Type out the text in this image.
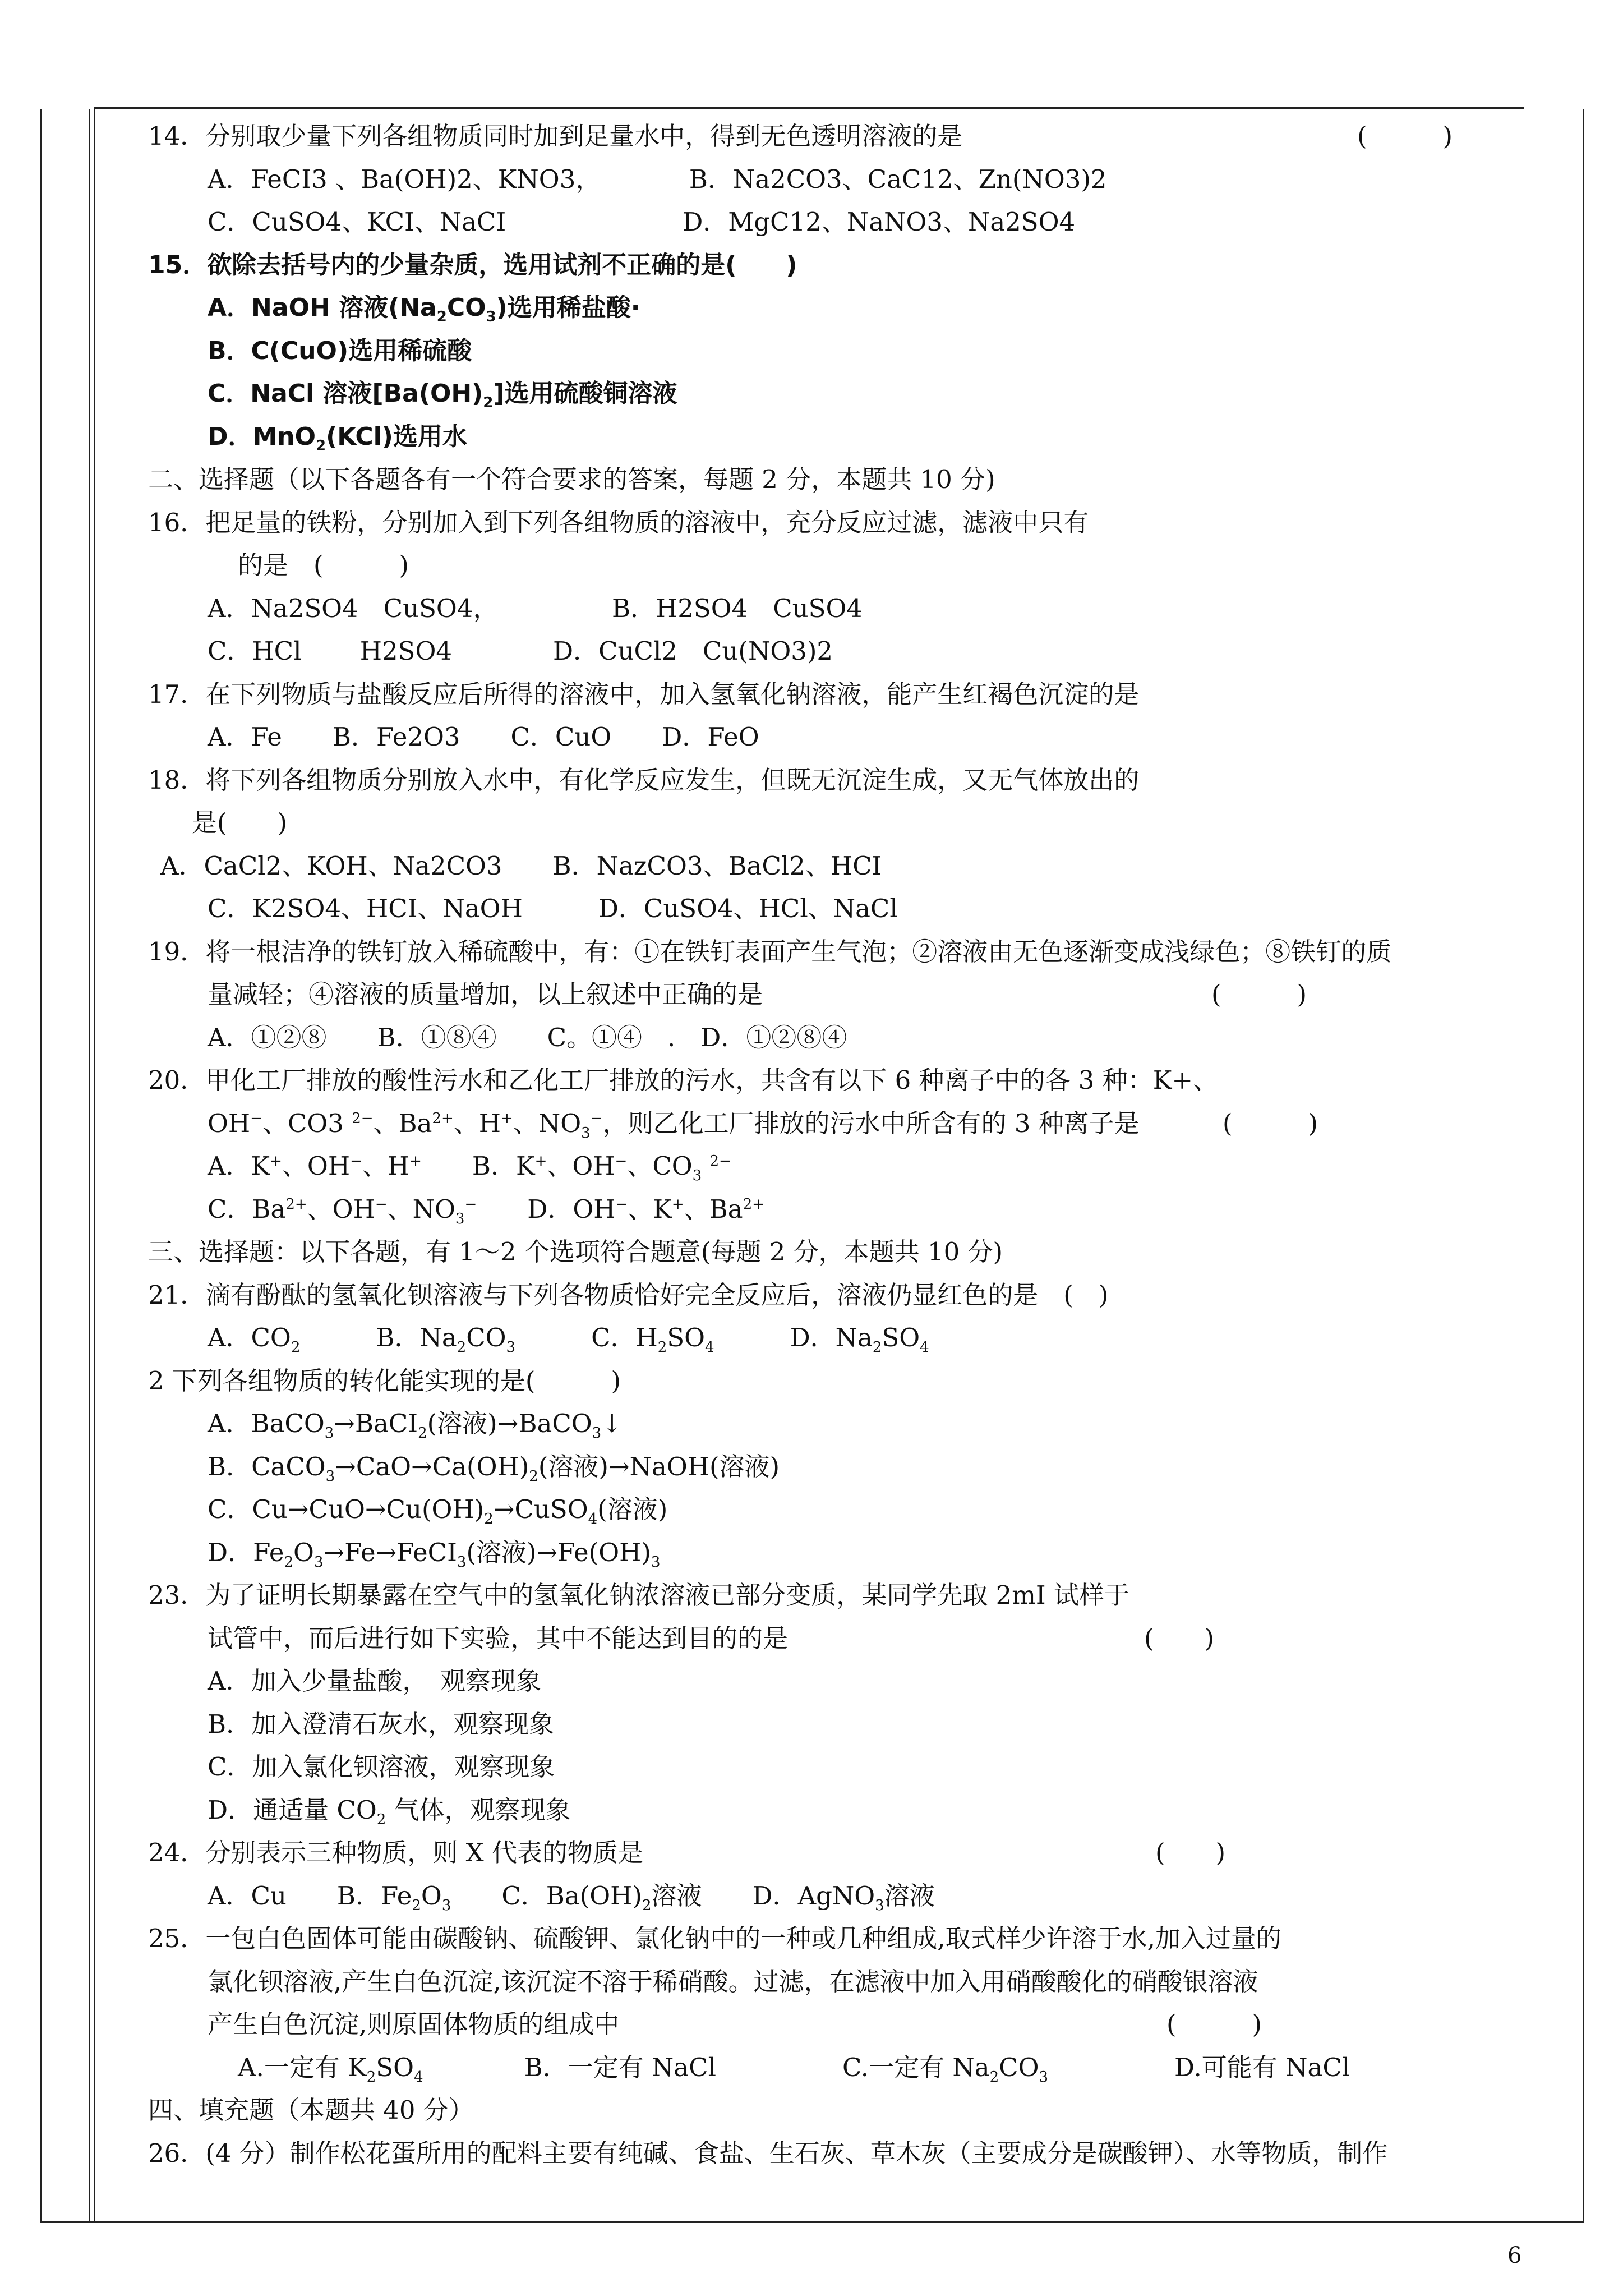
14．分别取少量下列各组物质同时加到足量水中，得到无色透明溶液的是	(　　　)
A．FeCI3 、Ba(OH)2、KNO3，　　　　B．Na2CO3、CaC12、Zn(NO3)2
C．CuSO4、KCI、NaCI　　　　　　　D．MgC12、NaNO3、Na2SO4
15．欲除去括号内的少量杂质，选用试剂不正确的是(　　)
A．NaOH 溶液$(Na_2CO_3)$选用稀盐酸·
B．C(CuO)选用稀硫酸
C．NaCl 溶液$[Ba(OH)_2]$选用硫酸铜溶液
D．MnO$_2$(KCl)选用水
二、选择题（以下各题各有一个符合要求的答案，每题 2 分，本题共 10 分)
16．把足量的铁粉，分别加入到下列各组物质的溶液中，充分反应过滤，滤液中只有
的是　(　　　)
A．Na2SO4　CuSO4，　　　　　B．H2SO4　CuSO4
C．HCl　　 H2SO4　　　　D．CuCl2　Cu(NO3)2
17．在下列物质与盐酸反应后所得的溶液中，加入氢氧化钠溶液，能产生红褐色沉淀的是
A．Fe　　B．Fe2O3　　C．CuO　　D．FeO
18．将下列各组物质分别放入水中，有化学反应发生，但既无沉淀生成，又无气体放出的
是(　　)
A．CaCl2、KOH、Na2CO3　　B．NazCO3、BaCl2、HCI
C．K2SO4、HCI、NaOH　　　D．CuSO4、HCl、NaCl
19．将一根洁净的铁钉放入稀硫酸中，有：①在铁钉表面产生气泡；②溶液由无色逐渐变成浅绿色；⑧铁钉的质
量减轻；④溶液的质量增加，以上叙述中正确的是	(　　　)
A．①②⑧　　B．①⑧④　　C。①④　.　D．①②⑧④
20．甲化工厂排放的酸性污水和乙化工厂排放的污水，共含有以下 6 种离子中的各 3 种：K+、
OH−、CO3 $^{2-}$、$Ba^{2+}$、H+、$NO_3^-$，则乙化工厂排放的污水中所含有的 3 种离子是	(　　　)
A．K+、OH−、H+　　B．K+、OH−、$CO_3$ $^{2-}$
C．$Ba^{2+}$、OH−、$NO_3^-$　　D．OH−、K+、$Ba^{2+}$
三、选择题：以下各题，有 1～2 个选项符合题意(每题 2 分，本题共 10 分)
21．滴有酚酞的氢氧化钡溶液与下列各物质恰好完全反应后，溶液仍显红色的是　(　)
A．$CO_2$　　　B．$Na_2CO_3$　　　C．$H_2SO_4$　　　D．$Na_2SO_4$
2 下列各组物质的转化能实现的是(　　　)
A．BaCO$_3$→BaCI$_2$(溶液)→BaCO$_3$↓
B．$CaCO_3\to CaO\to Ca(OH)_2$(溶液)→NaOH(溶液)
C．$Cu\to CuO\to Cu(OH)_2\to CuSO_4$(溶液)
D．$Fe_2O_3\to Fe\to FeCI_3$(溶液)$\to Fe(OH)_3$
23．为了证明长期暴露在空气中的氢氧化钠浓溶液已部分变质，某同学先取 2mI 试样于
试管中，而后进行如下实验，其中不能达到目的的是	(　　)
A．加入少量盐酸，　观察现象
B．加入澄清石灰水，观察现象
C．加入氯化钡溶液，观察现象
D．通适量 $CO_2$ 气体，观察现象
24．分别表示三种物质，则 X 代表的物质是	(　　)
A．Cu　　B．$Fe_2O_3$　　C．$Ba(OH)_2$溶液　　D．AgNO$_3$溶液
25．一包白色固体可能由碳酸钠、硫酸钾、氯化钠中的一种或几种组成,取式样少许溶于水,加入过量的
氯化钡溶液,产生白色沉淀,该沉淀不溶于稀硝酸。过滤，在滤液中加入用硝酸酸化的硝酸银溶液
产生白色沉淀,则原固体物质的组成中	(　　　)
A.一定有 $K_2SO_4$　　　　B．一定有 NaCl　　　　　C.一定有 $Na_2CO_3$　　　　　D.可能有 NaCl
四、填充题（本题共 40 分）
26．(4 分）制作松花蛋所用的配料主要有纯碱、食盐、生石灰、草木灰（主要成分是碳酸钾）、水等物质，制作
6
